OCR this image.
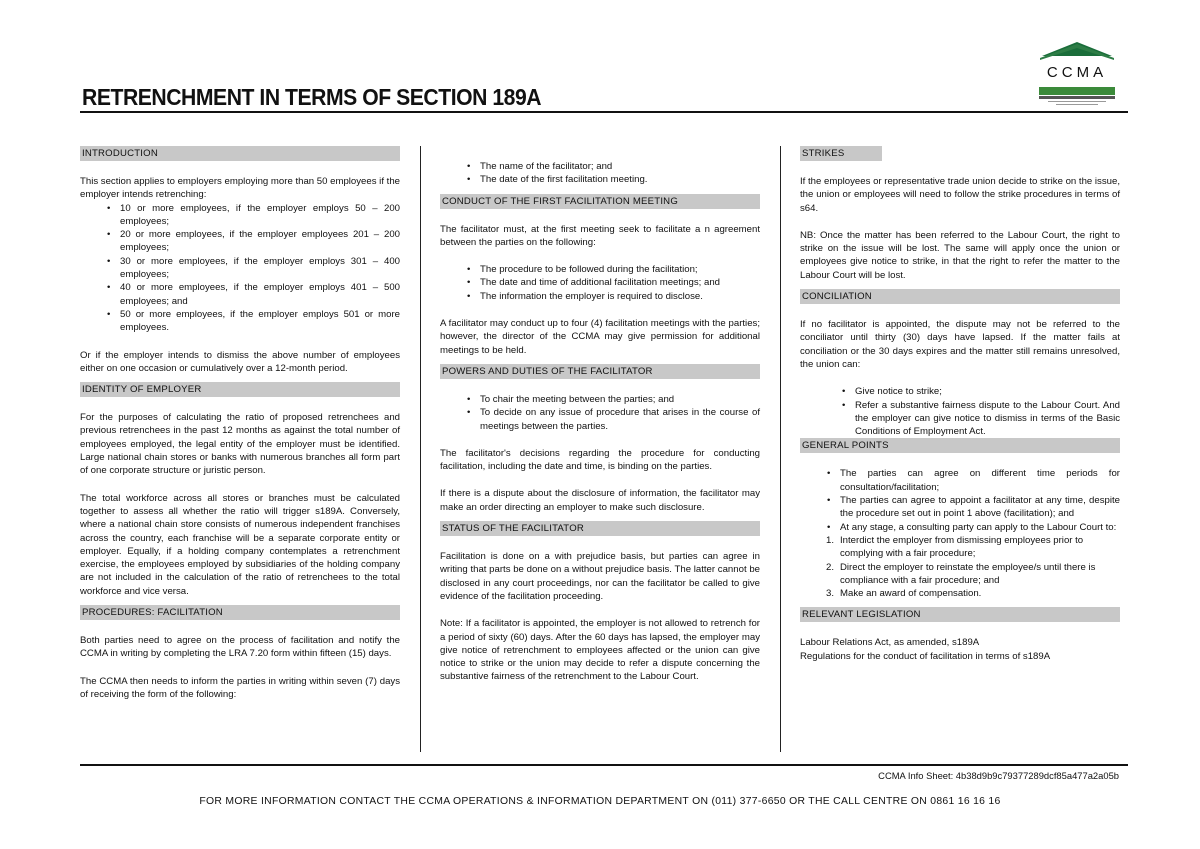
RETRENCHMENT IN TERMS OF SECTION 189A
CCMA
INTRODUCTION

This section applies to employers employing more than 50 employees if the employer intends retrenching:

• 10 or more employees, if the employer employs 50 – 200 employees;
• 20 or more employees, if the employer employees 201 – 200 employees;
• 30 or more employees, if the employer employs 301 – 400 employees;
• 40 or more employees, if the employer employs 401 – 500 employees; and
• 50 or more employees, if the employer employs 501 or more employees.

Or if the employer intends to dismiss the above number of employees either on one occasion or cumulatively over a 12-month period.

IDENTITY OF EMPLOYER

For the purposes of calculating the ratio of proposed retrenchees and previous retrenchees in the past 12 months as against the total number of employees employed, the legal entity of the employer must be identified. Large national chain stores or banks with numerous branches all form part of one corporate structure or juristic person.

The total workforce across all stores or branches must be calculated together to assess all whether the ratio will trigger s189A. Conversely, where a national chain store consists of numerous independent franchises across the country, each franchise will be a separate corporate entity or employer. Equally, if a holding company contemplates a retrenchment exercise, the employees employed by subsidiaries of the holding company are not included in the calculation of the ratio of retrenchees to the total workforce and vice versa.

PROCEDURES: FACILITATION

Both parties need to agree on the process of facilitation and notify the CCMA in writing by completing the LRA 7.20 form within fifteen (15) days.

The CCMA then needs to inform the parties in writing within seven (7) days of receiving the form of the following:

• The name of the facilitator; and
• The date of the first facilitation meeting.
CONDUCT OF THE FIRST FACILITATION MEETING

The facilitator must, at the first meeting seek to facilitate a n agreement between the parties on the following:

• The procedure to be followed during the facilitation;
• The date and time of additional facilitation meetings; and
• The information the employer is required to disclose.

A facilitator may conduct up to four (4) facilitation meetings with the parties; however, the director of the CCMA may give permission for additional meetings to be held.

POWERS AND DUTIES OF THE FACILITATOR
• To chair the meeting between the parties; and
• To decide on any issue of procedure that arises in the course of meetings between the parties.

The facilitator's decisions regarding the procedure for conducting facilitation, including the date and time, is binding on the parties.

If there is a dispute about the disclosure of information, the facilitator may make an order directing an employer to make such disclosure.

STATUS OF THE FACILITATOR

Facilitation is done on a with prejudice basis, but parties can agree in writing that parts be done on a without prejudice basis. The latter cannot be disclosed in any court proceedings, nor can the facilitator be called to give evidence of the facilitation proceeding.

Note: If a facilitator is appointed, the employer is not allowed to retrench for a period of sixty (60) days. After the 60 days has lapsed, the employer may give notice of retrenchment to employees affected or the union can give notice to strike or the union may decide to refer a dispute concerning the substantive fairness of the retrenchment to the Labour Court.

STRIKES

If the employees or representative trade union decide to strike on the issue, the union or employees will need to follow the strike procedures in terms of s64.

NB: Once the matter has been referred to the Labour Court, the right to strike on the issue will be lost. The same will apply once the union or employees give notice to strike, in that the right to refer the matter to the Labour Court will be lost.

CONCILIATION

If no facilitator is appointed, the dispute may not be referred to the conciliator until thirty (30) days have lapsed. If the matter fails at conciliation or the 30 days expires and the matter still remains unresolved, the union can:

• Give notice to strike;
• Refer a substantive fairness dispute to the Labour Court. And the employer can give notice to dismiss in terms of the Basic Conditions of Employment Act.
GENERAL POINTS
• The parties can agree on different time periods for consultation/facilitation;
• The parties can agree to appoint a facilitator at any time, despite the procedure set out in point 1 above (facilitation); and
• At any stage, a consulting party can apply to the Labour Court to:
1. Interdict the employer from dismissing employees prior to complying with a fair procedure;
2. Direct the employer to reinstate the employee/s until there is compliance with a fair procedure; and
3. Make an award of compensation.
RELEVANT LEGISLATION

Labour Relations Act, as amended, s189A

Regulations for the conduct of facilitation in terms of s189A

CCMA Info Sheet: 4b38d9b9c79377289dcf85a477a2a05b
FOR MORE INFORMATION CONTACT THE CCMA OPERATIONS & INFORMATION DEPARTMENT ON (011) 377-6650 OR THE CALL CENTRE ON 0861 16 16 16
